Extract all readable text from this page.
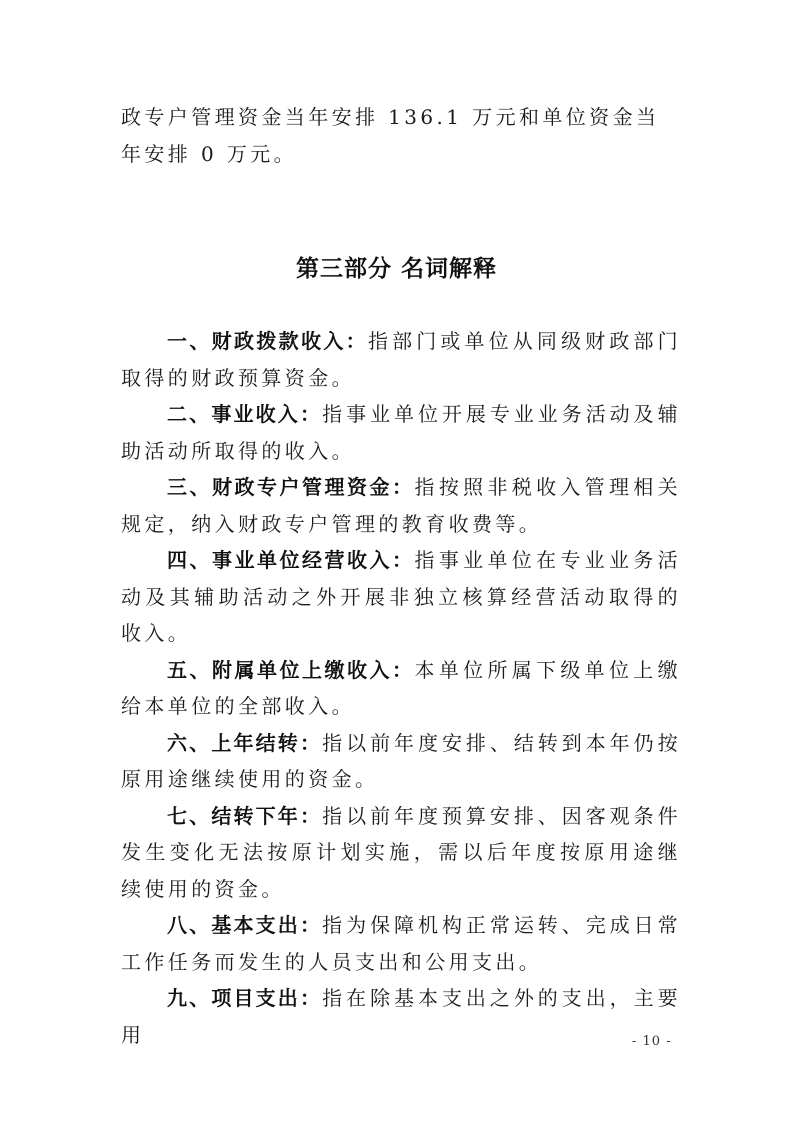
政专户管理资金当年安排 136.1 万元和单位资金当年安排 0 万元。

第三部分 名词解释

一、财政拨款收入：指部门或单位从同级财政部门取得的财政预算资金。

二、事业收入：指事业单位开展专业业务活动及辅助活动所取得的收入。

三、财政专户管理资金：指按照非税收入管理相关规定，纳入财政专户管理的教育收费等。

四、事业单位经营收入：指事业单位在专业业务活动及其辅助活动之外开展非独立核算经营活动取得的收入。

五、附属单位上缴收入：本单位所属下级单位上缴给本单位的全部收入。

六、上年结转：指以前年度安排、结转到本年仍按原用途继续使用的资金。

七、结转下年：指以前年度预算安排、因客观条件发生变化无法按原计划实施，需以后年度按原用途继续使用的资金。

八、基本支出：指为保障机构正常运转、完成日常工作任务而发生的人员支出和公用支出。

九、项目支出：指在除基本支出之外的支出，主要用	- 10 -
